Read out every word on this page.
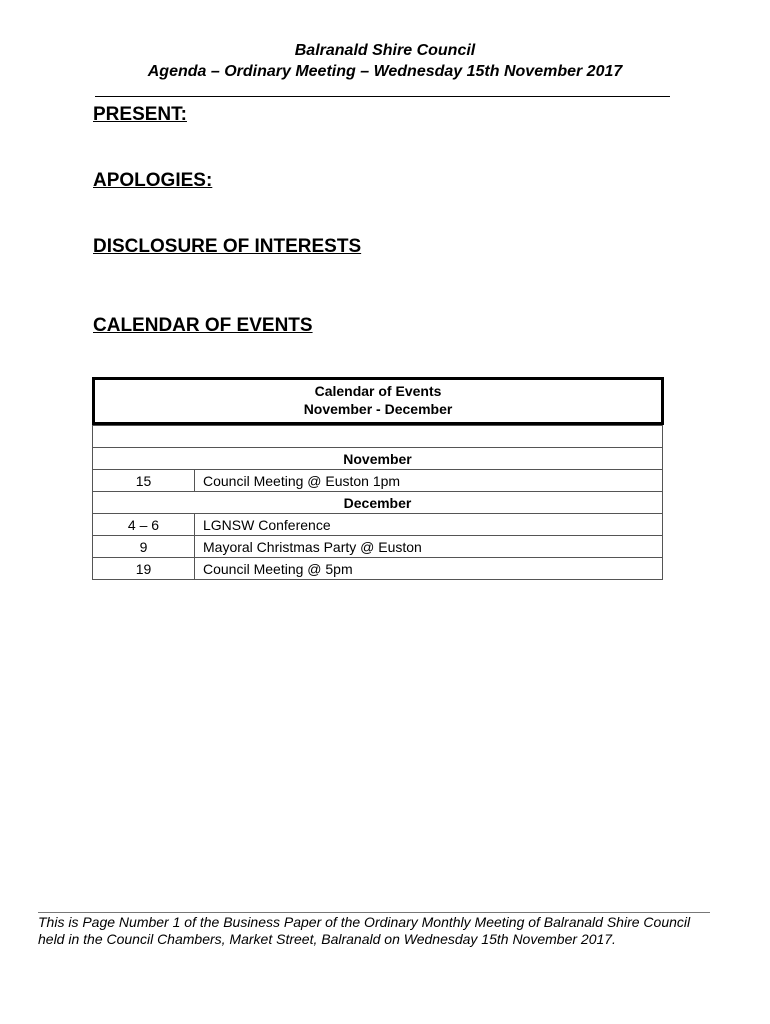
Balranald Shire Council
Agenda – Ordinary Meeting – Wednesday 15th November 2017
PRESENT:
APOLOGIES:
DISCLOSURE OF INTERESTS
CALENDAR OF EVENTS
Calendar of Events
November - December

November	
15	Council Meeting @ Euston 1pm
December	
4 – 6	LGNSW Conference
9	Mayoral Christmas Party @ Euston
19	Council Meeting @ 5pm
This is Page Number 1 of the Business Paper of the Ordinary Monthly Meeting of Balranald Shire Council held in the Council Chambers, Market Street, Balranald on Wednesday 15th November 2017.
